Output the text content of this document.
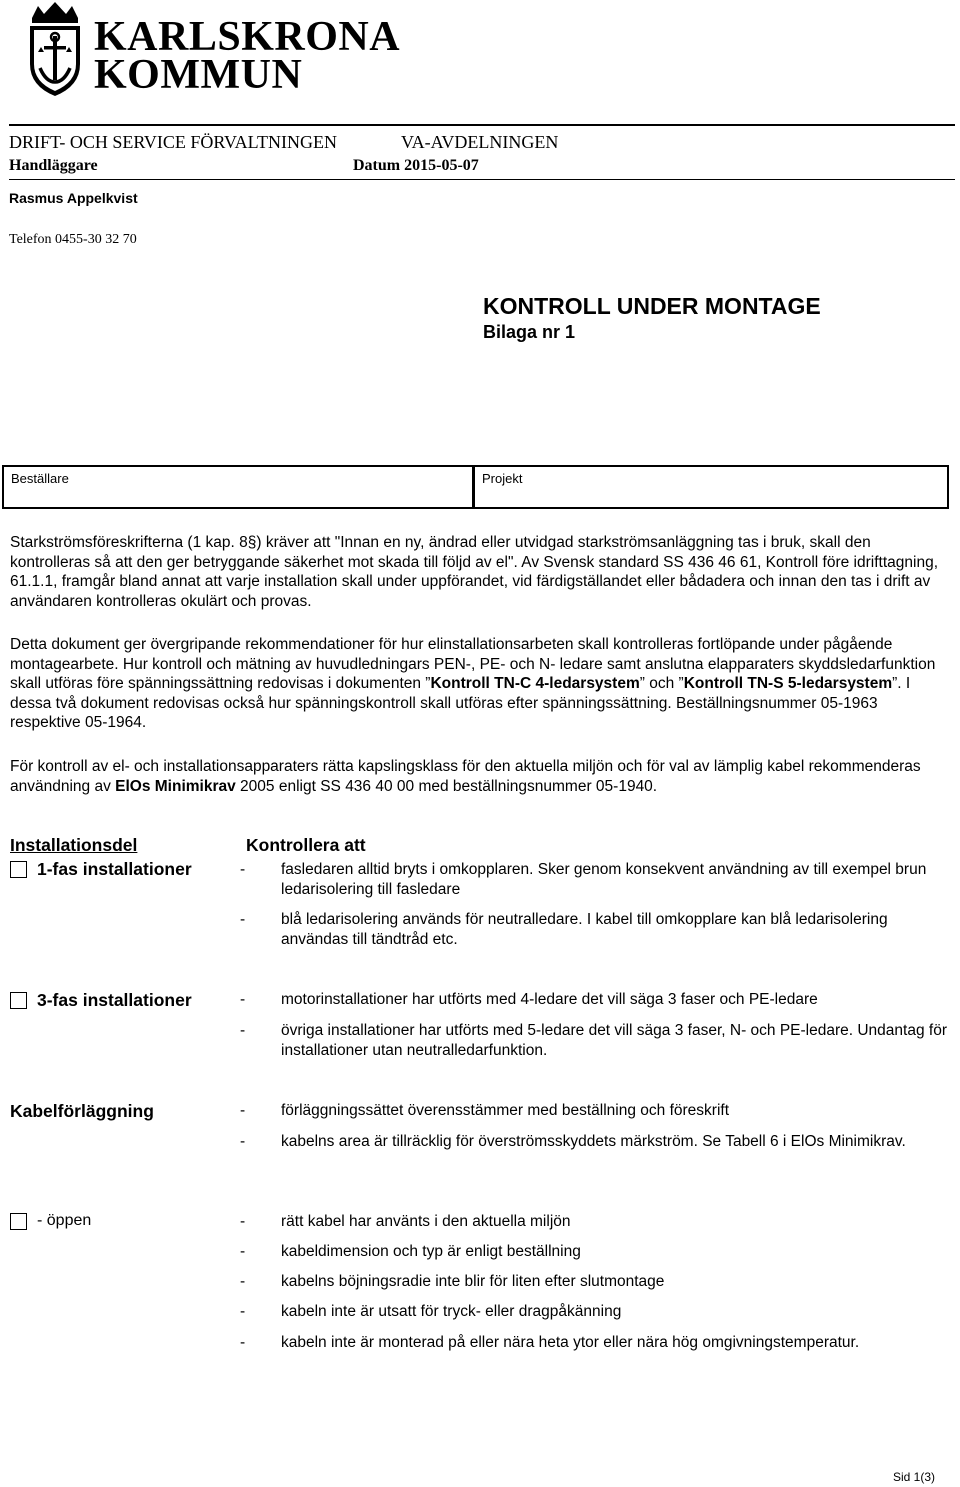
KARLSKRONA
KOMMUN
DRIFT- OCH SERVICE FÖRVALTNINGEN	VA-AVDELNINGEN
Handläggare	Datum 2015-05-07
Rasmus Appelkvist
Telefon 0455-30 32 70
KONTROLL UNDER MONTAGE
Bilaga nr 1
Beställare	Projekt

Starkströmsföreskrifterna (1 kap. 8§) kräver att "Innan en ny, ändrad eller utvidgad starkströmsanläggning tas i bruk, skall den kontrolleras så att den ger betryggande säkerhet mot skada till följd av el". Av Svensk standard SS 436 46 61, Kontroll före idrifttagning, 61.1.1, framgår bland annat att varje installation skall under uppförandet, vid färdigställandet eller bådadera och innan den tas i drift av användaren kontrolleras okulärt och provas.

Detta dokument ger övergripande rekommendationer för hur elinstallationsarbeten skall kontrolleras fortlöpande under pågående montagearbete. Hur kontroll och mätning av huvudledningars PEN-, PE- och N- ledare samt anslutna elapparaters skyddsledarfunktion skall utföras före spänningssättning redovisas i dokumenten ”Kontroll TN-C 4-ledarsystem” och ”Kontroll TN-S 5-ledarsystem”. I dessa två dokument redovisas också hur spänningskontroll skall utföras efter spänningssättning. Beställningsnummer 05-1963 respektive 05-1964.

För kontroll av el- och installationsapparaters rätta kapslingsklass för den aktuella miljön och för val av lämplig kabel rekommenderas användning av ElOs Minimikrav 2005 enligt SS 436 40 00 med beställningsnummer 05-1940.

Installationsdel	Kontrollera att
1-fas installationer	-	fasledaren alltid bryts i omkopplaren. Sker genom konsekvent användning av till exempel brun ledarisolering till fasledare
-	blå ledarisolering används för neutralledare. I kabel till omkopplare kan blå ledarisolering användas till tändtråd etc.
3-fas installationer	-	motorinstallationer har utförts med 4-ledare det vill säga 3 faser och PE-ledare
-	övriga installationer har utförts med 5-ledare det vill säga 3 faser, N- och PE-ledare. Undantag för installationer utan neutralledarfunktion.
Kabelförläggning	-	förläggningssättet överensstämmer med beställning och föreskrift
-	kabelns area är tillräcklig för överströmsskyddets märkström. Se Tabell 6 i ElOs Minimikrav.
- öppen	-	rätt kabel har använts i den aktuella miljön
-	kabeldimension och typ är enligt beställning
-	kabelns böjningsradie inte blir för liten efter slutmontage
-	kabeln inte är utsatt för tryck- eller dragpåkänning
-	kabeln inte är monterad på eller nära heta ytor eller nära hög omgivningstemperatur.
Sid 1(3)
